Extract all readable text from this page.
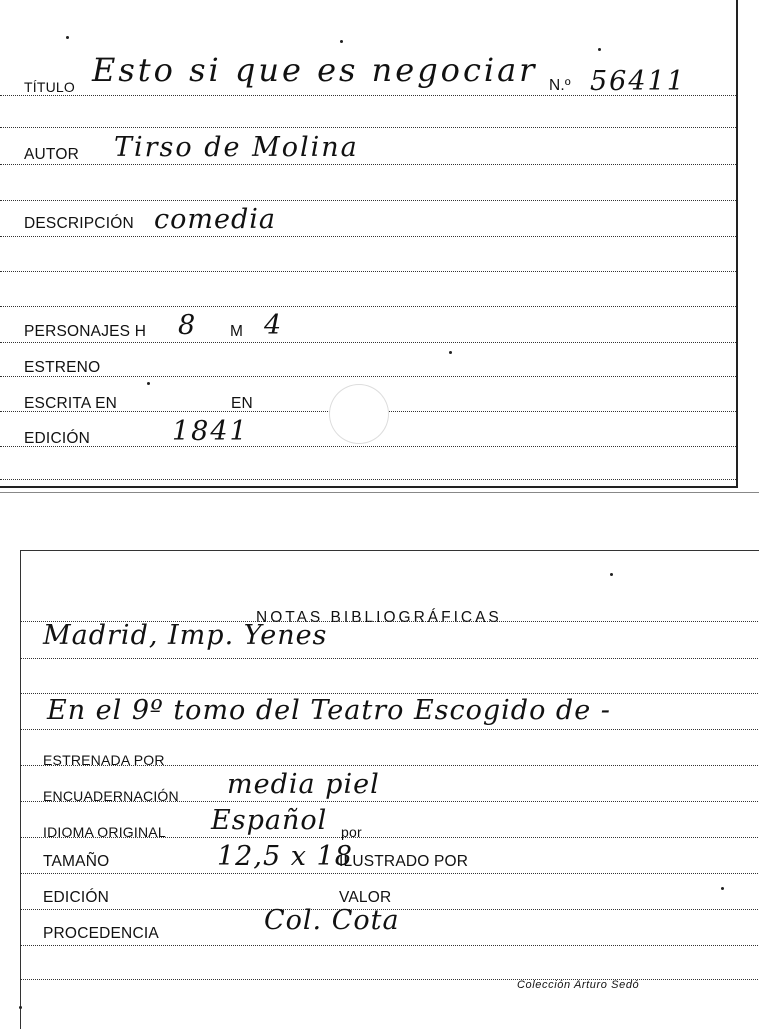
TÍTULO Esto si que es negociar N.º 56411
AUTOR Tirso de Molina
DESCRIPCIÓN comedia
PERSONAJES H 8 M 4
ESTRENO
ESCRITA EN	EN
EDICIÓN	1841
NOTAS BIBLIOGRÁFICAS
Madrid, Imp. Yenes
En el 9º tomo del Teatro Escogido de -
ESTRENADA POR
ENCUADERNACIÓN media piel
IDIOMA ORIGINAL Español por
TAMAÑO	12,5 x 18
ILUSTRADO POR
EDICIÓN	VALOR
PROCEDENCIA	Col. Cota
Colección Arturo Sedó
